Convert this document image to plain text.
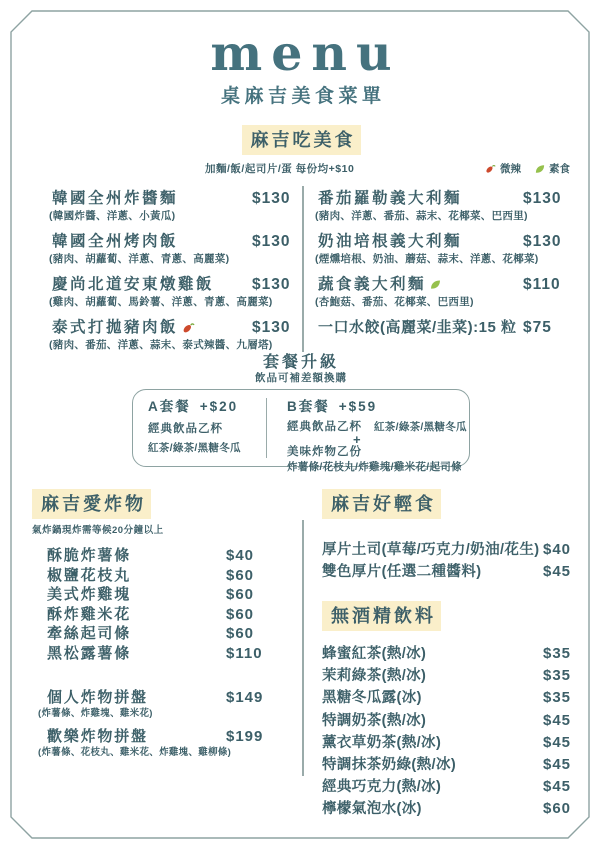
menu
桌麻吉美食菜單
麻吉吃美食
加麵/飯/起司片/蛋 每份均+$10	微辣	素食
韓國全州炸醬麵	$130
(韓國炸醬、洋蔥、小黃瓜)
韓國全州烤肉飯	$130
(豬肉、胡蘿蔔、洋蔥、青蔥、高麗菜)
慶尚北道安東燉雞飯 $130
(雞肉、胡蘿蔔、馬鈴薯、洋蔥、青蔥、高麗菜)
泰式打拋豬肉飯	$130
(豬肉、番茄、洋蔥、蒜末、泰式辣醬、九層塔)
番茄羅勒義大利麵	$130
(豬肉、洋蔥、番茄、蒜末、花椰菜、巴西里)
奶油培根義大利麵	$130
(煙燻培根、奶油、蘑菇、蒜末、洋蔥、花椰菜)
蔬食義大利麵	$110
(杏鮑菇、番茄、花椰菜、巴西里)
一口水餃(高麗菜/韭菜):15 粒 $75
套餐升級
飲品可補差額換購
A套餐 +$20
經典飲品乙杯
紅茶/綠茶/黑糖冬瓜
B套餐 +$59
經典飲品乙杯 紅茶/綠茶/黑糖冬瓜
+
美味炸物乙份
炸薯條/花枝丸/炸雞塊/雞米花/起司條
麻吉愛炸物
氣炸鍋現炸需等候20分鐘以上
酥脆炸薯條	$40
椒鹽花枝丸	$60
美式炸雞塊	$60
酥炸雞米花	$60
牽絲起司條	$60
黑松露薯條	$110
個人炸物拼盤	$149
(炸薯條、炸雞塊、雞米花)
歡樂炸物拼盤	$199
(炸薯條、花枝丸、雞米花、炸雞塊、雞柳條)
麻吉好輕食
厚片土司(草莓/巧克力/奶油/花生) $40
雙色厚片(任選二種醬料)	$45
無酒精飲料
蜂蜜紅茶(熱/冰)	$35
茉莉綠茶(熱/冰)	$35
黑糖冬瓜露(冰)	$35
特調奶茶(熱/冰)	$45
薰衣草奶茶(熱/冰)	$45
特調抹茶奶綠(熱/冰)	$45
經典巧克力(熱/冰)	$45
檸檬氣泡水(冰)	$60
